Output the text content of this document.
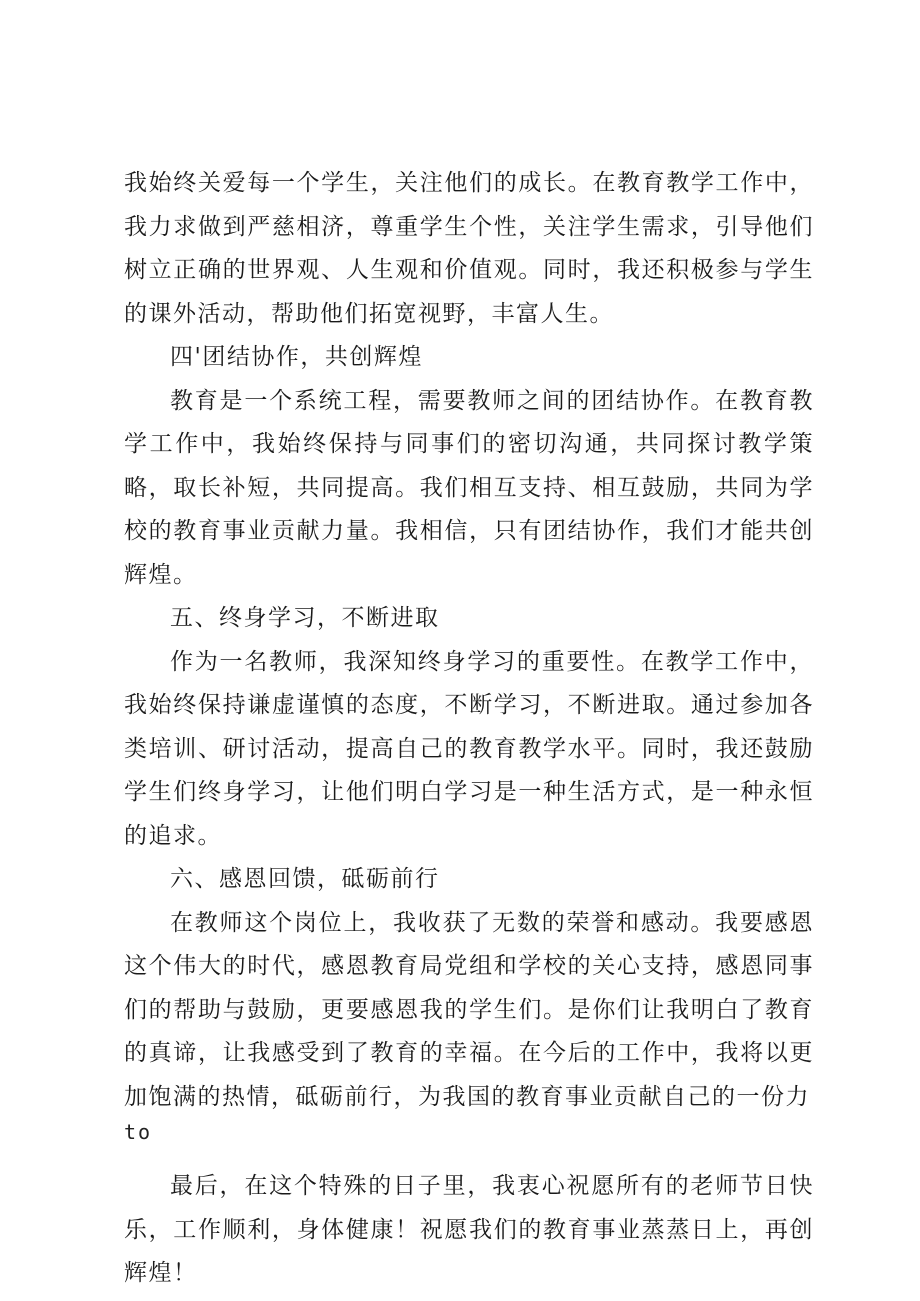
我始终关爱每一个学生，关注他们的成长。在教育教学工作中，我力求做到严慈相济，尊重学生个性，关注学生需求，引导他们树立正确的世界观、人生观和价值观。同时，我还积极参与学生的课外活动，帮助他们拓宽视野，丰富人生。

四'团结协作，共创辉煌

教育是一个系统工程，需要教师之间的团结协作。在教育教学工作中，我始终保持与同事们的密切沟通，共同探讨教学策略，取长补短，共同提高。我们相互支持、相互鼓励，共同为学校的教育事业贡献力量。我相信，只有团结协作，我们才能共创辉煌。

五、终身学习，不断进取

作为一名教师，我深知终身学习的重要性。在教学工作中，我始终保持谦虚谨慎的态度，不断学习，不断进取。通过参加各类培训、研讨活动，提高自己的教育教学水平。同时，我还鼓励学生们终身学习，让他们明白学习是一种生活方式，是一种永恒的追求。

六、感恩回馈，砥砺前行

在教师这个岗位上，我收获了无数的荣誉和感动。我要感恩这个伟大的时代，感恩教育局党组和学校的关心支持，感恩同事们的帮助与鼓励，更要感恩我的学生们。是你们让我明白了教育的真谛，让我感受到了教育的幸福。在今后的工作中，我将以更加饱满的热情，砥砺前行，为我国的教育事业贡献自己的一份力

to

最后，在这个特殊的日子里，我衷心祝愿所有的老师节日快乐，工作顺利，身体健康！祝愿我们的教育事业蒸蒸日上，再创辉煌！
